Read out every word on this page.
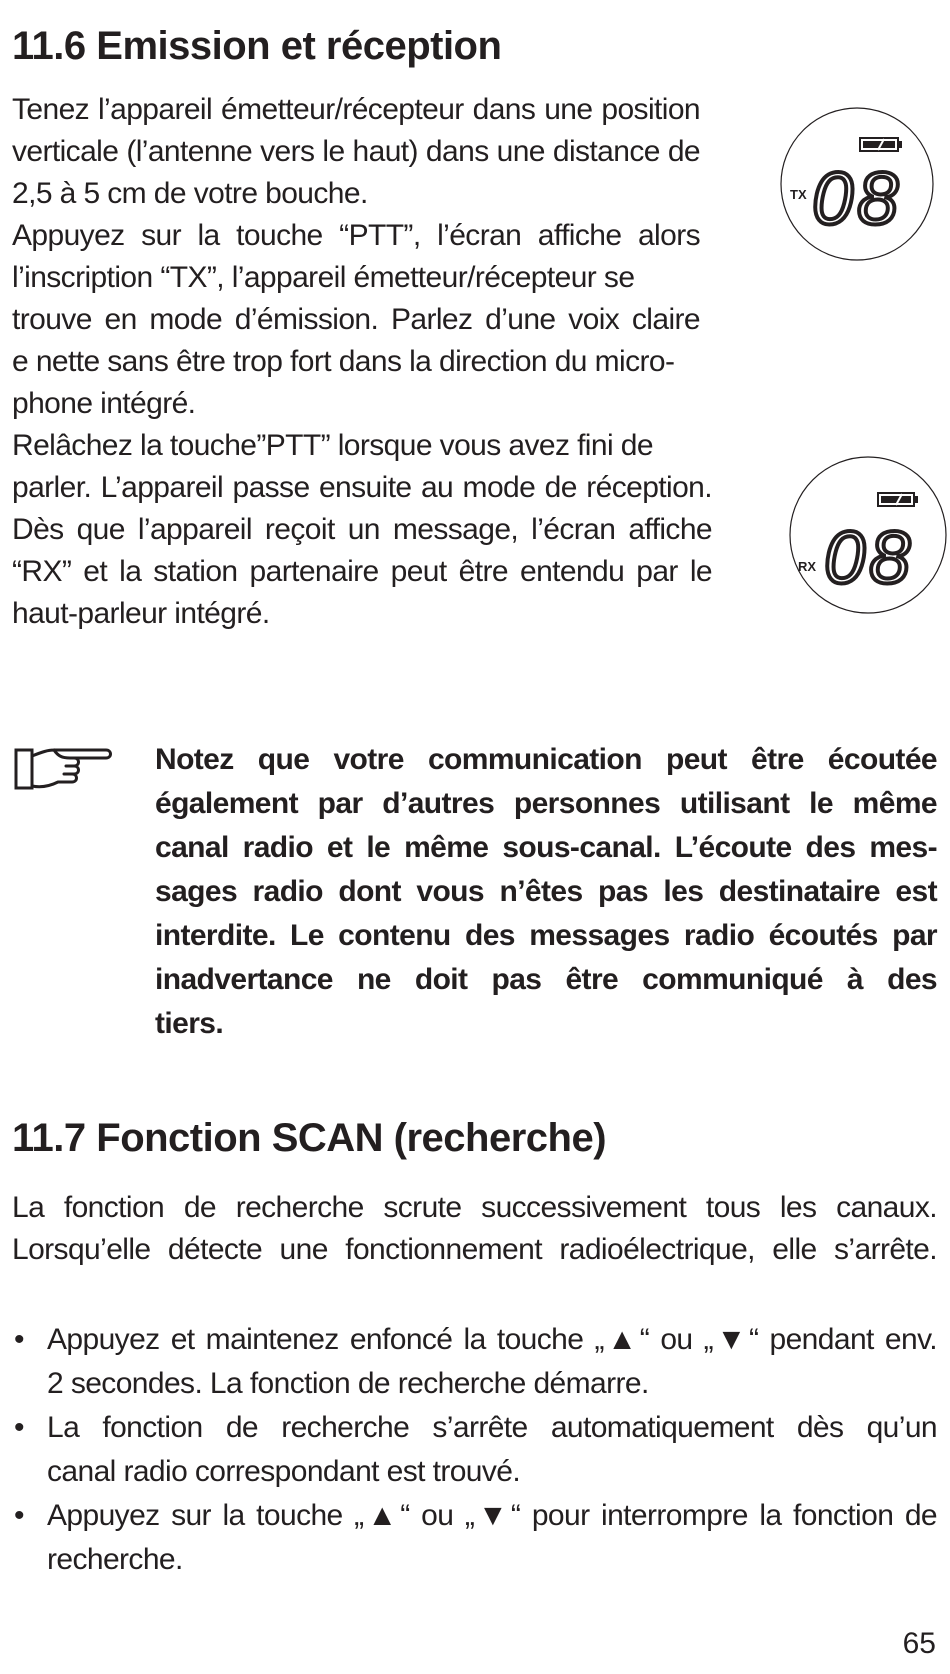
11.6 Emission et réception

Tenez l’appareil émetteur/récepteur dans une position

verticale (l’antenne vers le haut) dans une distance de

2,5 à 5 cm de votre bouche.

Appuyez sur la touche “PTT”, l’écran affiche alors

l’inscription “TX”, l’appareil émetteur/récepteur se

trouve en mode d’émission. Parlez d’une voix claire

e nette sans être trop fort dans la direction du micro-

phone intégré.

Relâchez la touche”PTT” lorsque vous avez fini de

parler. L’appareil passe ensuite au mode de réception.

Dès que l’appareil reçoit un message, l’écran affiche

“RX” et la station partenaire peut être entendu par le

haut-parleur intégré.

TX 08
RX 08

Notez que votre communication peut être écoutée

également par d’autres personnes utilisant le même

canal radio et le même sous-canal. L’écoute des mes-

sages radio dont vous n’êtes pas les destinataire est

interdite. Le contenu des messages radio écoutés par

inadvertance ne doit pas être communiqué à des

tiers.

11.7 Fonction SCAN (recherche)

La fonction de recherche scrute successivement tous les canaux.

Lorsqu’elle détecte une fonctionnement radioélectrique, elle s’arrête.

• Appuyez et maintenez enfoncé la touche „▲“ ou „▼“ pendant env.

2 secondes. La fonction de recherche démarre.

• La fonction de recherche s’arrête automatiquement dès qu’un

canal radio correspondant est trouvé.

• Appuyez sur la touche „▲“ ou „▼“ pour interrompre la fonction de

recherche.

65
